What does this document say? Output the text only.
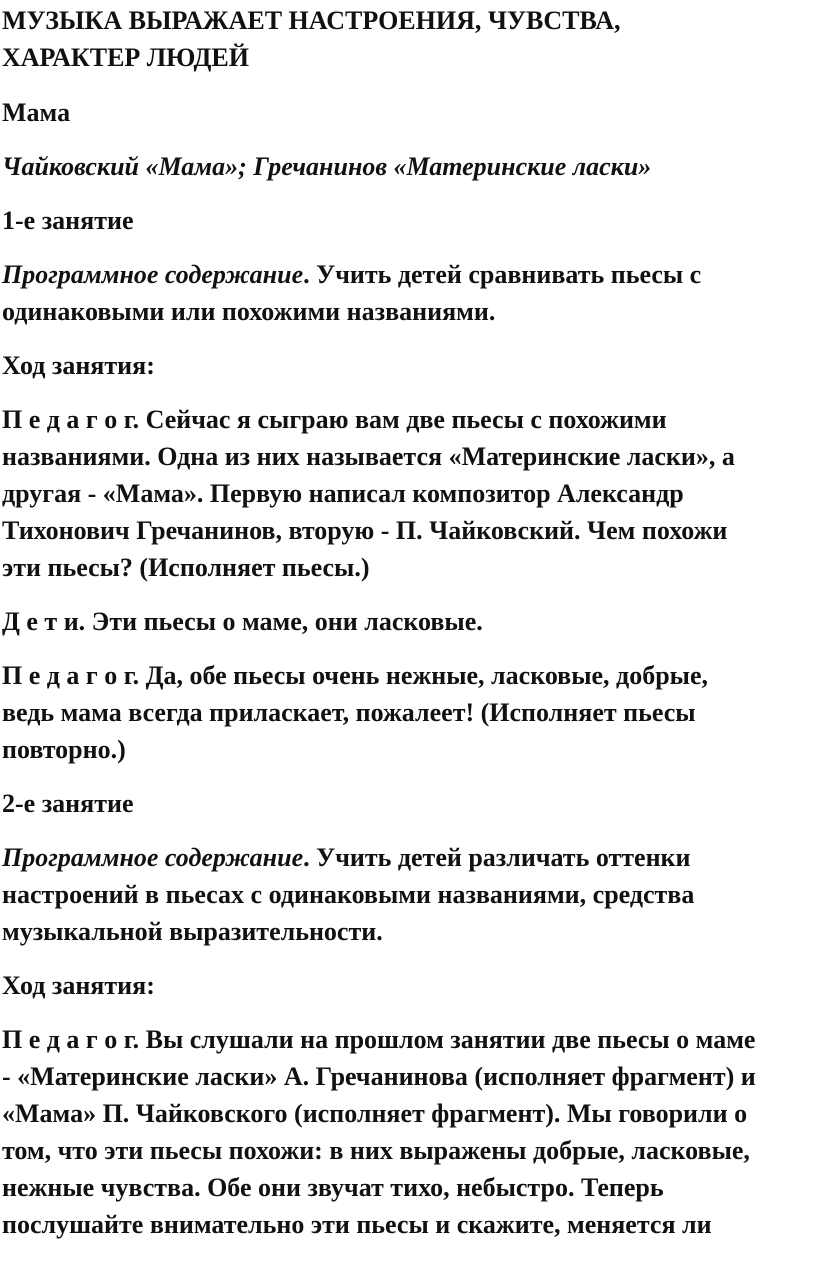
МУЗЫКА ВЫРАЖАЕТ НАСТРОЕНИЯ, ЧУВСТВА,

ХАРАКТЕР ЛЮДЕЙ

Мама

Чайковский «Мама»; Гречанинов «Материнские ласки»

1-е занятие

Программное содержание. Учить детей сравнивать пьесы с

одинаковыми или похожими названиями.

Ход занятия:

П е д а г о г. Сейчас я сыграю вам две пьесы с похожими

названиями. Одна из них называется «Материнские ласки», а

другая - «Мама». Первую написал композитор Александр

Тихонович Гречанинов, вторую - П. Чайковский. Чем похожи

эти пьесы? (Исполняет пьесы.)

Д е т и. Эти пьесы о маме, они ласковые.

П е д а г о г. Да, обе пьесы очень нежные, ласковые, добрые,

ведь мама всегда приласкает, пожалеет! (Исполняет пьесы

повторно.)

2-е занятие

Программное содержание. Учить детей различать оттенки

настроений в пьесах с одинаковыми названиями, средства

музыкальной выразительности.

Ход занятия:

П е д а г о г. Вы слушали на прошлом занятии две пьесы о маме

- «Материнские ласки» А. Гречанинова (исполняет фрагмент) и

«Мама» П. Чайковского (исполняет фрагмент). Мы говорили о

том, что эти пьесы похожи: в них выражены добрые, ласковые,

нежные чувства. Обе они звучат тихо, небыстро. Теперь

послушайте внимательно эти пьесы и скажите, меняется ли
